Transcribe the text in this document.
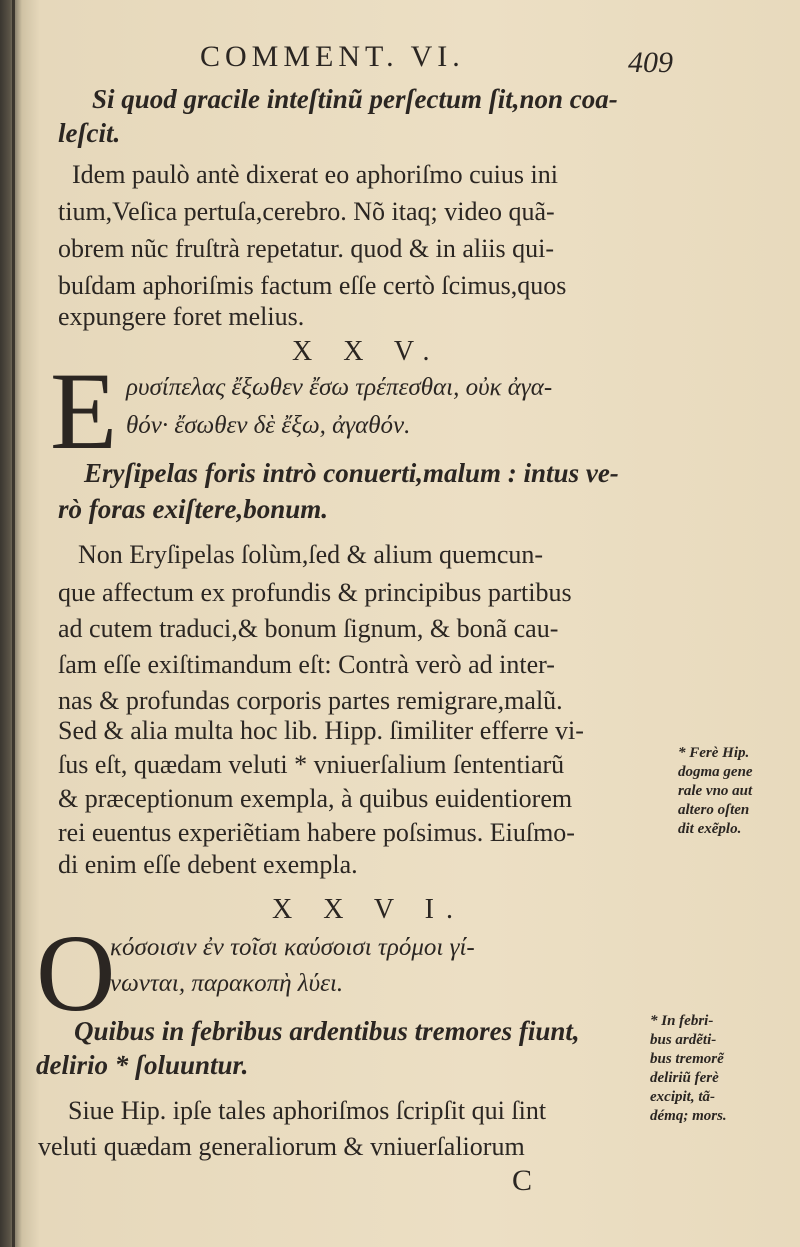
COMMENT. VI.	409
Si quod gracile inteſtinũ perſectum ſit,non coa-
leſcit.
Idem paulò antè dixerat eo aphoriſmo cuius ini
tium,Veſica pertuſa,cerebro. Nõ itaq; video quã-
obrem nũc fruſtrà repetatur. quod & in aliis qui-
buſdam aphoriſmis factum eſſe certò ſcimus,quos
expungere foret melius.
X X V.
E ρυσίπελας ἔξωθεν ἔσω τρέπεσθαι, οὐκ ἀγα-
θόν· ἔσωθεν δὲ ἔξω, ἀγαθόν.
Eryſipelas foris intrò conuerti,malum : intus ve-
rò foras exiſtere,bonum.
Non Eryſipelas ſolùm,ſed & alium quemcun-
que affectum ex profundis & principibus partibus
ad cutem traduci,& bonum ſignum, & bonã cau-
ſam eſſe exiſtimandum eſt: Contrà verò ad inter-
nas & profundas corporis partes remigrare,malũ.
Sed & alia multa hoc lib. Hipp. ſimiliter efferre vi-
ſus eſt, quædam veluti * vniuerſalium ſententiarũ
& præceptionum exempla, à quibus euidentiorem
rei euentus experiẽtiam habere poſsimus. Eiuſmo-
di enim eſſe debent exempla.
* Ferè Hip.
dogma gene
rale vno aut
altero oſten
dit exẽplo.
X X V I.
O
κόσοισιν ἐν τοῖσι καύσοισι τρόμοι γί-
νωνται, παρακοπὴ λύει.
Quibus in febribus ardentibus tremores fiunt,
delirio * ſoluuntur.
Siue Hip. ipſe tales aphoriſmos ſcripſit qui ſint
veluti quædam generaliorum & vniuerſaliorum
* In febri-
bus ardẽti-
bus tremorẽ
deliriũ ferè
excipit, tã-
démq; mors.
C
